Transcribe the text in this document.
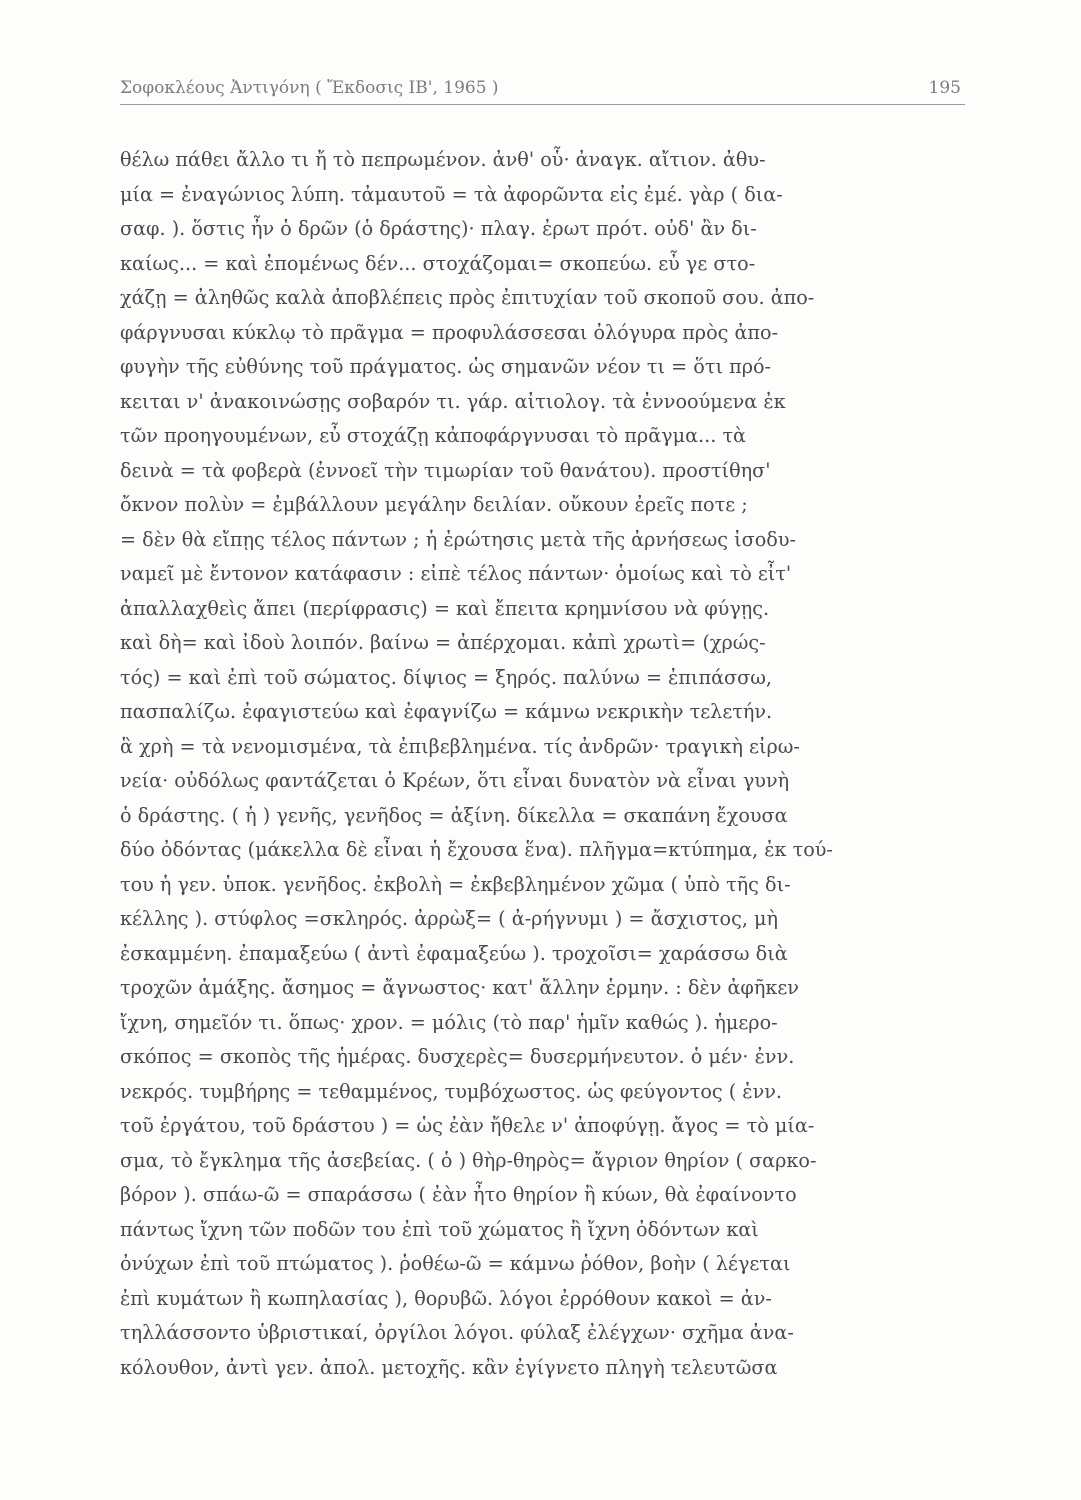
Σοφοκλέους Ἀντιγόνη ( Ἔκδοσις ΙΒ', 1965 )	195
θέλω πάθει ἄλλο τι ἤ τὸ πεπρωμένον. ἀνθ' οὗ· ἀναγκ. αἴτιον. ἀθυ-
μία = ἐναγώνιος λύπη. τἀμαυτοῦ = τὰ ἀφορῶντα εἰς ἐμέ. γὰρ ( δια-
σαφ. ). ὅστις ἦν ὁ δρῶν (ὁ δράστης)· πλαγ. ἐρωτ πρότ. οὐδ' ἂν δι-
καίως... = καὶ ἐπομένως δέν... στοχάζομαι= σκοπεύω. εὖ γε στο-
χάζῃ = ἀληθῶς καλὰ ἀποβλέπεις πρὸς ἐπιτυχίαν τοῦ σκοποῦ σου. ἀπο-
φάργνυσαι κύκλῳ τὸ πρᾶγμα = προφυλάσσεσαι ὀλόγυρα πρὸς ἀπο-
φυγὴν τῆς εὐθύνης τοῦ πράγματος. ὡς σημανῶν νέον τι = ὅτι πρό-
κειται ν' ἀνακοινώσῃς σοβαρόν τι. γάρ. αἰτιολογ. τὰ ἐννοούμενα ἐκ
τῶν προηγουμένων, εὖ στοχάζῃ κἀποφάργνυσαι τὸ πρᾶγμα... τὰ
δεινὰ = τὰ φοβερὰ (ἐννοεῖ τὴν τιμωρίαν τοῦ θανάτου). προστίθησ'
ὄκνον πολὺν = ἐμβάλλουν μεγάλην δειλίαν. οὔκουν ἐρεῖς ποτε ;
= δὲν θὰ εἴπῃς τέλος πάντων ; ἡ ἐρώτησις μετὰ τῆς ἀρνήσεως ἰσοδυ-
ναμεῖ μὲ ἔντονον κατάφασιν : εἰπὲ τέλος πάντων· ὁμοίως καὶ τὸ εἶτ'
ἀπαλλαχθεὶς ἄπει (περίφρασις) = καὶ ἔπειτα κρημνίσου νὰ φύγῃς.
καὶ δὴ= καὶ ἰδοὺ λοιπόν. βαίνω = ἀπέρχομαι. κἀπὶ χρωτὶ= (χρώς-
τός) = καὶ ἐπὶ τοῦ σώματος. δίψιος = ξηρός. παλύνω = ἐπιπάσσω,
πασπαλίζω. ἐφαγιστεύω καὶ ἐφαγνίζω = κάμνω νεκρικὴν τελετήν.
ἃ χρὴ = τὰ νενομισμένα, τὰ ἐπιβεβλημένα. τίς ἀνδρῶν· τραγικὴ εἰρω-
νεία· οὐδόλως φαντάζεται ὁ Κρέων, ὅτι εἶναι δυνατὸν νὰ εἶναι γυνὴ
ὁ δράστης. ( ἡ ) γενῆς, γενῆδος = ἀξίνη. δίκελλα = σκαπάνη ἔχουσα
δύο ὀδόντας (μάκελλα δὲ εἶναι ἡ ἔχουσα ἕνα). πλῆγμα=κτύπημα, ἐκ τού-
του ἡ γεν. ὑποκ. γενῆδος. ἐκβολὴ = ἐκβεβλημένον χῶμα ( ὑπὸ τῆς δι-
κέλλης ). στύφλος =σκληρός. ἀρρὼξ= ( ἀ-ρήγνυμι ) = ἄσχιστος, μὴ
ἐσκαμμένη. ἐπαμαξεύω ( ἀντὶ ἐφαμαξεύω ). τροχοῖσι= χαράσσω διὰ
τροχῶν ἁμάξης. ἄσημος = ἄγνωστος· κατ' ἄλλην ἑρμην. : δὲν ἀφῆκεν
ἴχνη, σημεῖόν τι. ὅπως· χρον. = μόλις (τὸ παρ' ἡμῖν καθώς ). ἡμερο-
σκόπος = σκοπὸς τῆς ἡμέρας. δυσχερὲς= δυσερμήνευτον. ὁ μέν· ἐνν.
νεκρός. τυμβήρης = τεθαμμένος, τυμβόχωστος. ὡς φεύγοντος ( ἐνν.
τοῦ ἐργάτου, τοῦ δράστου ) = ὡς ἐὰν ἤθελε ν' ἀποφύγῃ. ἄγος = τὸ μία-
σμα, τὸ ἔγκλημα τῆς ἀσεβείας. ( ὁ ) θὴρ-θηρὸς= ἄγριον θηρίον ( σαρκο-
βόρον ). σπάω-ῶ = σπαράσσω ( ἐὰν ἦτο θηρίον ἢ κύων, θὰ ἐφαίνοντο
πάντως ἴχνη τῶν ποδῶν του ἐπὶ τοῦ χώματος ἢ ἴχνη ὀδόντων καὶ
ὀνύχων ἐπὶ τοῦ πτώματος ). ῥοθέω-ῶ = κάμνω ῥόθον, βοὴν ( λέγεται
ἐπὶ κυμάτων ἢ κωπηλασίας ), θορυβῶ. λόγοι ἐρρόθουν κακοὶ = ἀν-
τηλλάσσοντο ὑβριστικαί, ὀργίλοι λόγοι. φύλαξ ἐλέγχων· σχῆμα ἀνα-
κόλουθον, ἀντὶ γεν. ἀπολ. μετοχῆς. κἂν ἐγίγνετο πληγὴ τελευτῶσα
